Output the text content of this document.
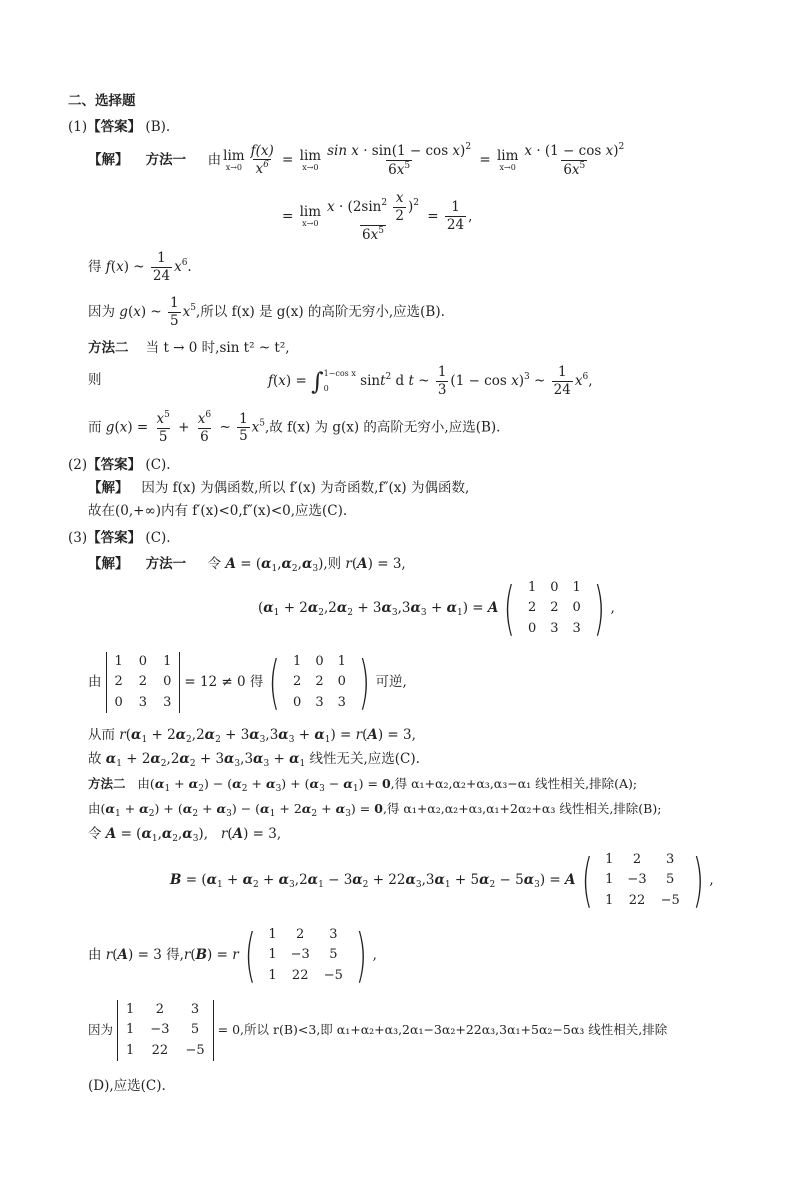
二、选择题
(1)【答案】 (B).
【解】 方法一 由 lim
$x\to 0 \frac{f(x)}{x^6} = \lim$
$x\to 0 \frac{\sin x \cdot \sin(1 - \cos x)^2}{6x^5} = \lim$
$x\to 0 \frac{x \cdot (1 - \cos x)^2}{6x^5}$
= lim
$x\to 0 \frac{x \cdot (2\sin^2 \frac{x}{2} )^2}{6x^5} = \frac{1}{24}$ ,
得 f(x) ~ $\frac{1}{24} x^6$.
因为 g(x) ~ $\frac{1}{5} x^5$,所以 f(x) 是 g(x) 的高阶无穷小,应选(B).
方法二 当 t → 0 时,sin t² ~ t²,
则	f(x) = ∫ 1−cos x
0	sint$^2$ d t ~ $\frac{1}{3} (1 - \cos x)^3$ ~ $\frac{1}{24} x^6$,
而 $g(x) = \frac{x^5}{5} + \frac{x^6}{6}$ ~ $\frac{1}{5} x^5$,故 f(x) 为 g(x) 的高阶无穷小,应选(B).
(2)【答案】 (C).
【解】 因为 f(x) 为偶函数,所以 f′(x) 为奇函数,f″(x) 为偶函数,
故在(0,+∞)内有 f′(x)<0,f″(x)<0,应选(C).
(3)【答案】 (C).
【解】 方法一 令 $A = (\alpha_1,\alpha_2,\alpha_3)$,则 r(A) = 3,
$(\alpha_1 + 2\alpha_2,2\alpha_2 + 3\alpha_3,3\alpha_3 + \alpha_1) = A$ ( 1	0	1
2	2	0
0	3	3 ) ,
由
1	0	1
2	2	0
0	3	3
= 12 ≠ 0 得 ( 1	0	1
2	2	0
0	3	3 ) 可逆,
从而 $r(\alpha_1 + 2\alpha_2,2\alpha_2 + 3\alpha_3,3\alpha_3 + \alpha_1) = r(A) = 3$,
故 $\alpha_1 + 2\alpha_2,2\alpha_2 + 3\alpha_3,3\alpha_3 + \alpha_1$ 线性无关,应选(C).
方法二   由$(\alpha_1 + \alpha_2) - (\alpha_2 + \alpha_3) + (\alpha_3 - \alpha_1) = 0$,得 α₁+α₂,α₂+α₃,α₃−α₁ 线性相关,排除(A);
由$(\alpha_1 + \alpha_2) + (\alpha_2 + \alpha_3) - (\alpha_1 + 2\alpha_2 + \alpha_3) = 0$,得 α₁+α₂,α₂+α₃,α₁+2α₂+α₃ 线性相关,排除(B);
令 $A = (\alpha_1,\alpha_2,\alpha_3)$,   r(A) = 3,
$B = (\alpha_1 + \alpha_2 + \alpha_3,2\alpha_1 - 3\alpha_2 + 22\alpha_3,3\alpha_1 + 5\alpha_2 - 5\alpha_3) = A$ ( 1	2	3
1	−3	5
1	22	−5 ) ,
由 r(A) = 3 得,r(B) = r ( 1	2	3
1	−3	5
1	22	−5 ) ,
因为
1	2	3
1	−3	5
1	22	−5
= 0,所以 r(B)<3,即 α₁+α₂+α₃,2α₁−3α₂+22α₃,3α₁+5α₂−5α₃ 线性相关,排除
(D),应选(C).
